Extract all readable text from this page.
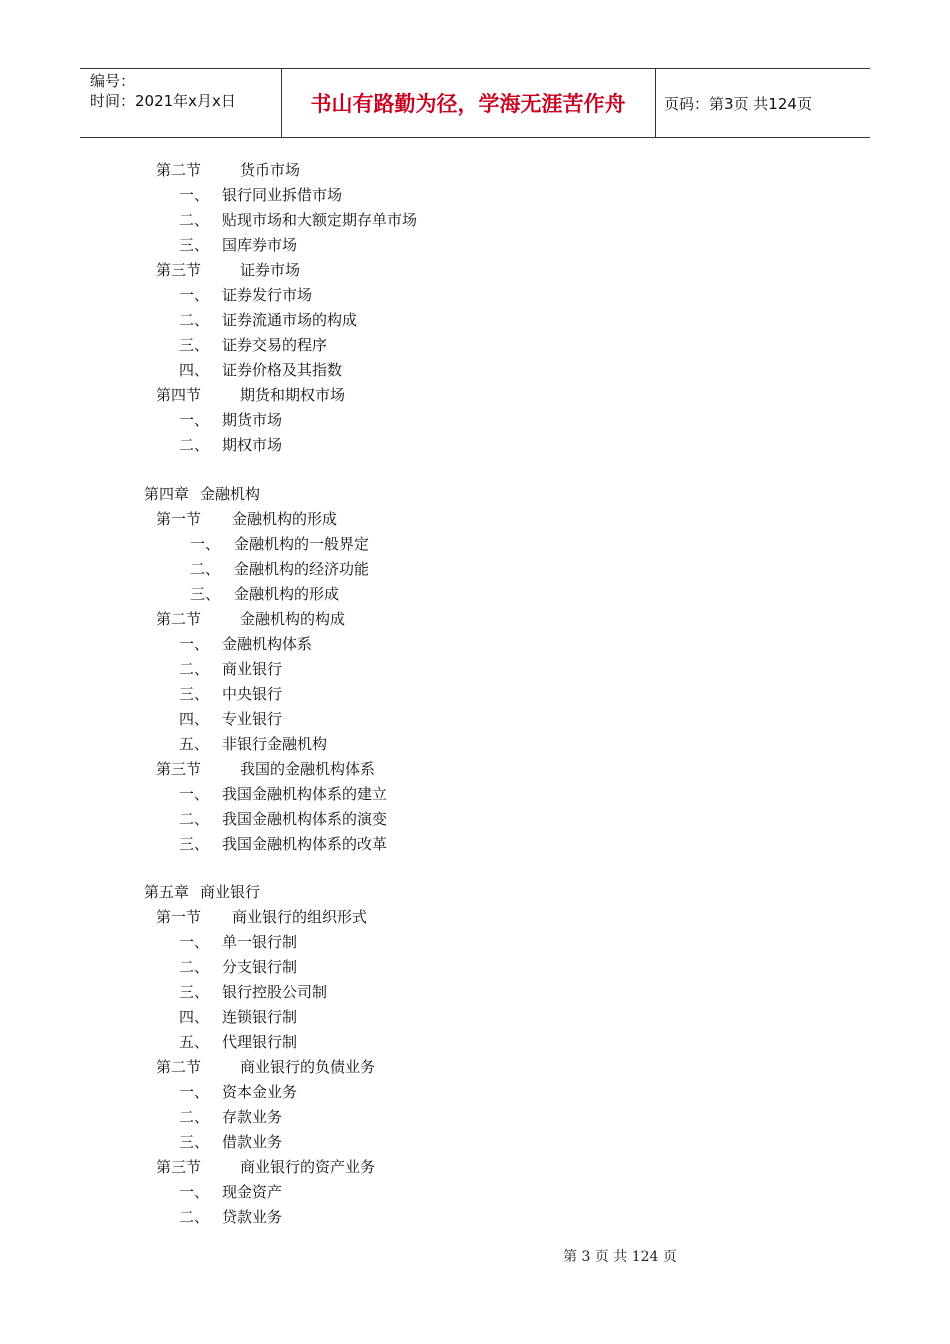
编号：
时间：2021年x月x日	书山有路勤为径，学海无涯苦作舟	页码：第3页 共124页
第二节	货币市场
一、 银行同业拆借市场
二、 贴现市场和大额定期存单市场
三、 国库券市场
第三节	证券市场
一、 证券发行市场
二、 证券流通市场的构成
三、 证券交易的程序
四、 证券价格及其指数
第四节	期货和期权市场
一、 期货市场
二、 期权市场
第四章 金融机构
第一节 金融机构的形成
一、 金融机构的一般界定
二、 金融机构的经济功能
三、 金融机构的形成
第二节	金融机构的构成
一、 金融机构体系
二、 商业银行
三、 中央银行
四、 专业银行
五、 非银行金融机构
第三节	我国的金融机构体系
一、 我国金融机构体系的建立
二、 我国金融机构体系的演变
三、 我国金融机构体系的改革
第五章 商业银行
第一节 商业银行的组织形式
一、 单一银行制
二、 分支银行制
三、 银行控股公司制
四、 连锁银行制
五、 代理银行制
第二节	商业银行的负债业务
一、 资本金业务
二、 存款业务
三、 借款业务
第三节	商业银行的资产业务
一、 现金资产
二、 贷款业务
第 3 页 共 124 页
